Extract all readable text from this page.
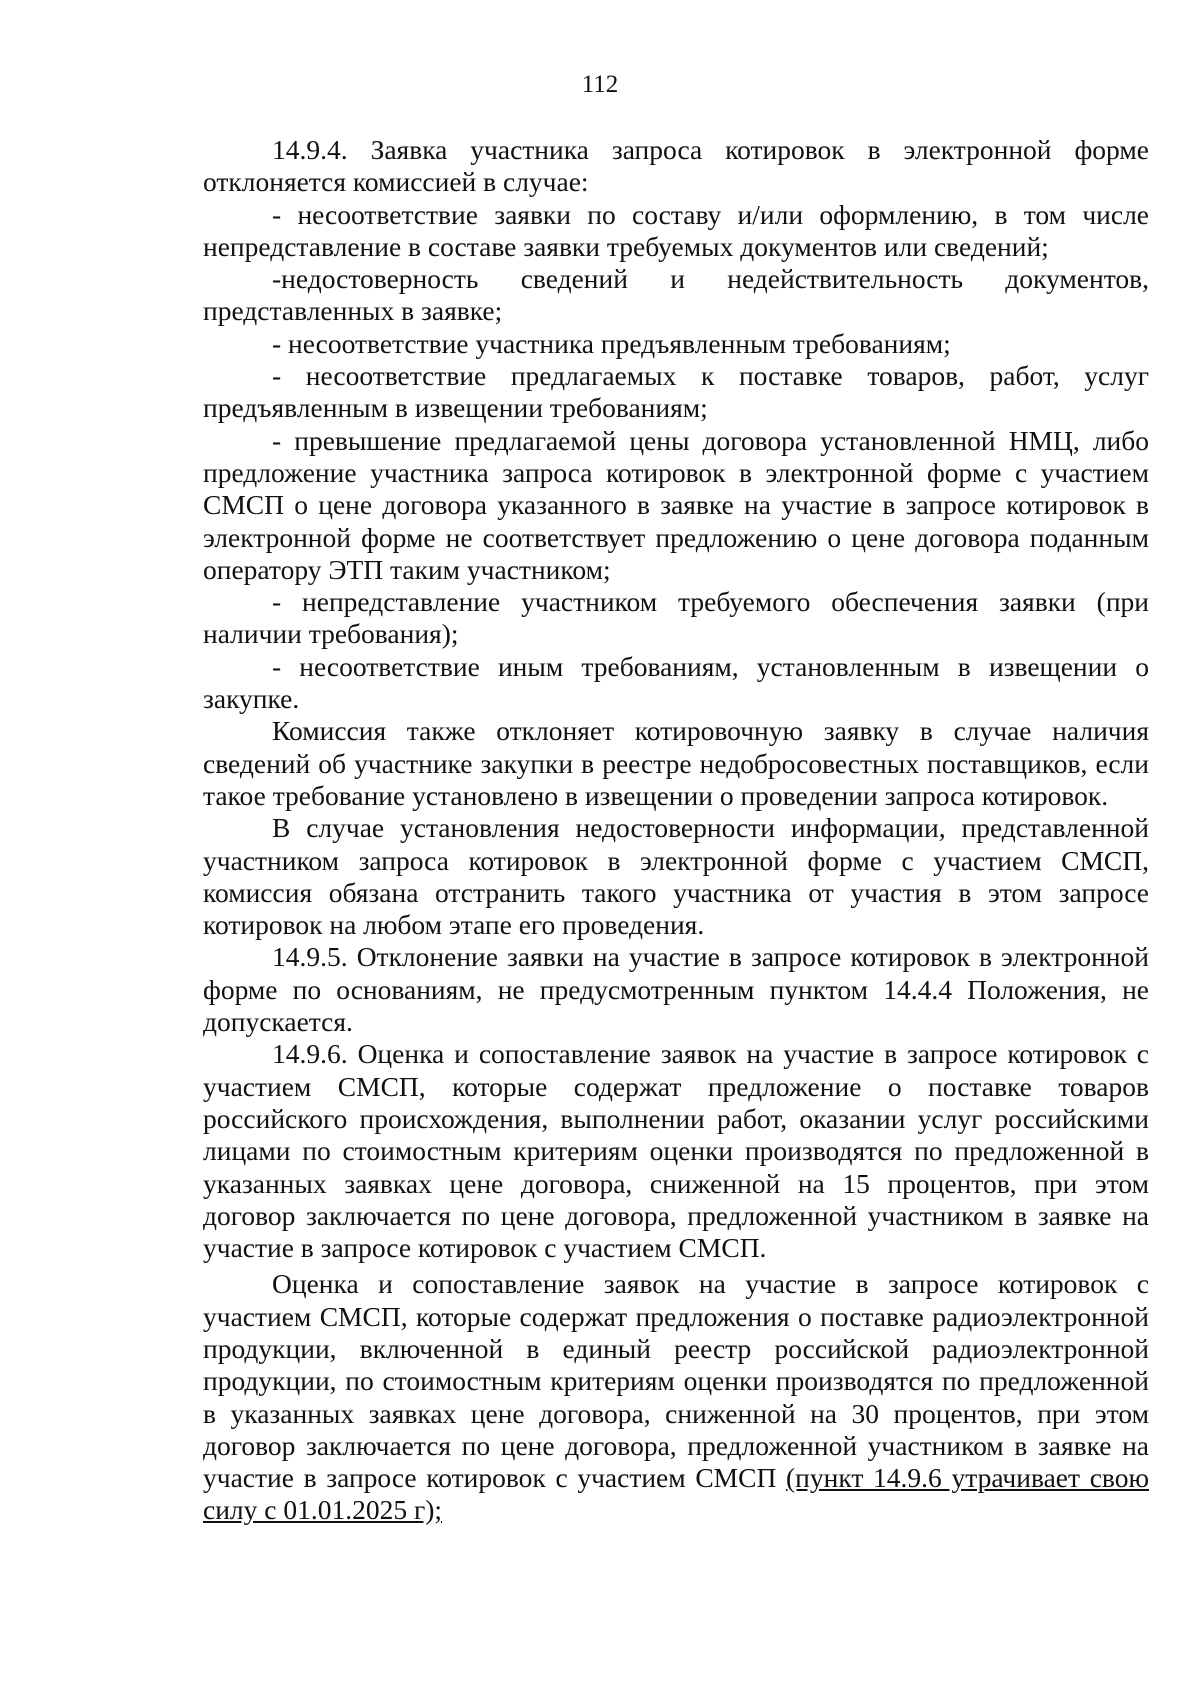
112

14.9.4. Заявка участника запроса котировок в электронной форме отклоняется комиссией в случае:

- несоответствие заявки по составу и/или оформлению, в том числе непредставление в составе заявки требуемых документов или сведений;

-недостоверность сведений и недействительность документов, представленных в заявке;

- несоответствие участника предъявленным требованиям;

- несоответствие предлагаемых к поставке товаров, работ, услуг предъявленным в извещении требованиям;

- превышение предлагаемой цены договора установленной НМЦ, либо предложение участника запроса котировок в электронной форме с участием СМСП о цене договора указанного в заявке на участие в запросе котировок в электронной форме не соответствует предложению о цене договора поданным оператору ЭТП таким участником;

- непредставление участником требуемого обеспечения заявки (при наличии требования);

- несоответствие иным требованиям, установленным в извещении о закупке.

Комиссия также отклоняет котировочную заявку в случае наличия сведений об участнике закупки в реестре недобросовестных поставщиков, если такое требование установлено в извещении о проведении запроса котировок.

В случае установления недостоверности информации, представленной участником запроса котировок в электронной форме с участием СМСП, комиссия обязана отстранить такого участника от участия в этом запросе котировок на любом этапе его проведения.

14.9.5. Отклонение заявки на участие в запросе котировок в электронной форме по основаниям, не предусмотренным пунктом 14.4.4 Положения, не допускается.

14.9.6. Оценка и сопоставление заявок на участие в запросе котировок с участием СМСП, которые содержат предложение о поставке товаров российского происхождения, выполнении работ, оказании услуг российскими лицами по стоимостным критериям оценки производятся по предложенной в указанных заявках цене договора, сниженной на 15 процентов, при этом договор заключается по цене договора, предложенной участником в заявке на участие в запросе котировок с участием СМСП.

Оценка и сопоставление заявок на участие в запросе котировок с участием СМСП, которые содержат предложения о поставке радиоэлектронной продукции, включенной в единый реестр российской радиоэлектронной продукции, по стоимостным критериям оценки производятся по предложенной в указанных заявках цене договора, сниженной на 30 процентов, при этом договор заключается по цене договора, предложенной участником в заявке на участие в запросе котировок с участием СМСП (пункт 14.9.6 утрачивает свою силу с 01.01.2025 г);
